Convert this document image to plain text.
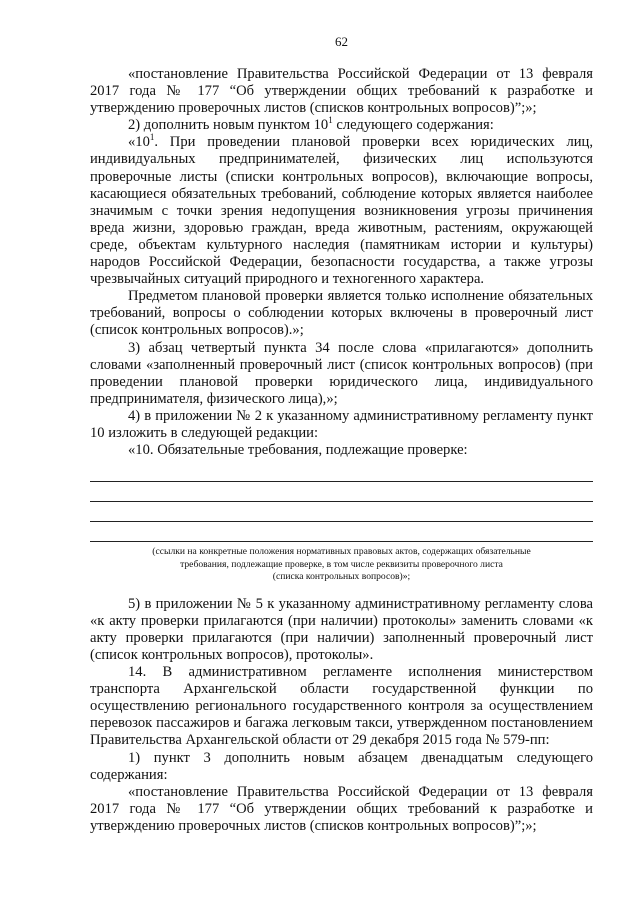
62

«постановление Правительства Российской Федерации от 13 февраля 2017 года № 177 “Об утверждении общих требований к разработке и утверждению проверочных листов (списков контрольных вопросов)”;»;

2) дополнить новым пунктом $10^1$ следующего содержания:

«$10^1$. При проведении плановой проверки всех юридических лиц, индивидуальных предпринимателей, физических лиц используются проверочные листы (списки контрольных вопросов), включающие вопросы, касающиеся обязательных требований, соблюдение которых является наиболее значимым с точки зрения недопущения возникновения угрозы причинения вреда жизни, здоровью граждан, вреда животным, растениям, окружающей среде, объектам культурного наследия (памятникам истории и культуры) народов Российской Федерации, безопасности государства, а также угрозы чрезвычайных ситуаций природного и техногенного характера.

Предметом плановой проверки является только исполнение обязательных требований, вопросы о соблюдении которых включены в проверочный лист (список контрольных вопросов).»;

3) абзац четвертый пункта 34 после слова «прилагаются» дополнить словами «заполненный проверочный лист (список контрольных вопросов) (при проведении плановой проверки юридического лица, индивидуального предпринимателя, физического лица),»;

4) в приложении № 2 к указанному административному регламенту пункт 10 изложить в следующей редакции:

«10. Обязательные требования, подлежащие проверке:

(ссылки на конкретные положения нормативных правовых актов, содержащих обязательные
требования, подлежащие проверке, в том числе реквизиты проверочного листа
(списка контрольных вопросов)»;

5) в приложении № 5 к указанному административному регламенту слова «к акту проверки прилагаются (при наличии) протоколы» заменить словами «к акту проверки прилагаются (при наличии) заполненный проверочный лист (список контрольных вопросов), протоколы».

14. В административном регламенте исполнения министерством транспорта Архангельской области государственной функции по осуществлению регионального государственного контроля за осуществлением перевозок пассажиров и багажа легковым такси, утвержденном постановлением Правительства Архангельской области от 29 декабря 2015 года № 579-пп:

1) пункт 3 дополнить новым абзацем двенадцатым следующего содержания:

«постановление Правительства Российской Федерации от 13 февраля 2017 года № 177 “Об утверждении общих требований к разработке и утверждению проверочных листов (списков контрольных вопросов)”;»;
